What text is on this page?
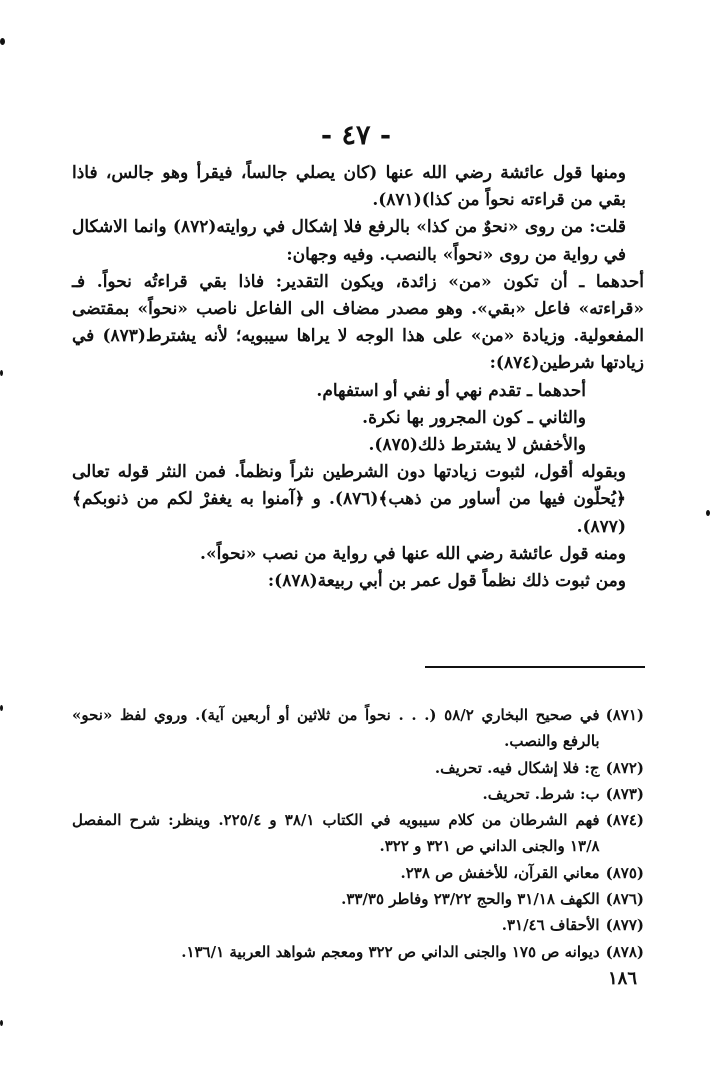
- ٤٧ -

ومنها قول عائشة رضي الله عنها (كان يصلي جالساً، فيقرأ وهو جالس، فاذا بقي من قراءته نحواً من كذا)(٨٧١).

قلت: من روى «نحوٌ من كذا» بالرفع فلا إشكال في روايته(٨٧٢) وانما الاشكال في رواية من روى «نحواً» بالنصب. وفيه وجهان:

أحدهما ـ أن تكون «من» زائدة، ويكون التقدير: فاذا بقي قراءتُه نحواً. فـ «قراءته» فاعل «بقي». وهو مصدر مضاف الى الفاعل ناصب «نحواً» بمقتضى المفعولية. وزيادة «من» على هذا الوجه لا يراها سيبويه؛ لأنه يشترط(٨٧٣) في زيادتها شرطين(٨٧٤):

أحدهما ـ تقدم نهي أو نفي أو استفهام.

والثاني ـ كون المجرور بها نكرة.

والأخفش لا يشترط ذلك(٨٧٥).

وبقوله أقول، لثبوت زيادتها دون الشرطين نثراً ونظماً. فمن النثر قوله تعالى ﴿يُحلّون فيها من أساور من ذهب﴾(٨٧٦). و ﴿آمنوا به يغفرْ لكم من ذنوبكم﴾(٨٧٧).

ومنه قول عائشة رضي الله عنها في رواية من نصب «نحواً».

ومن ثبوت ذلك نظماً قول عمر بن أبي ربيعة(٨٧٨):

(٨٧١)
في صحيح البخاري ٥٨/٢ (. . . نحواً من ثلاثين أو أربعين آية). وروي لفظ «نحو» بالرفع والنصب.
(٨٧٢)
ج: فلا إشكال فيه. تحريف.
(٨٧٣)
ب: شرط. تحريف.
(٨٧٤)
فهم الشرطان من كلام سيبويه في الكتاب ٣٨/١ و ٢٢٥/٤. وينظر: شرح المفصل ١٣/٨ والجنى الداني ص ٣٢١ و ٣٢٢.
(٨٧٥)
معاني القرآن، للأخفش ص ٢٣٨.
(٨٧٦)
الكهف ٣١/١٨ والحج ٢٣/٢٢ وفاطر ٣٣/٣٥.
(٨٧٧)
الأحقاف ٣١/٤٦.
(٨٧٨)
ديوانه ص ١٧٥ والجنى الداني ص ٣٢٢ ومعجم شواهد العربية ١٣٦/١.
١٨٦
